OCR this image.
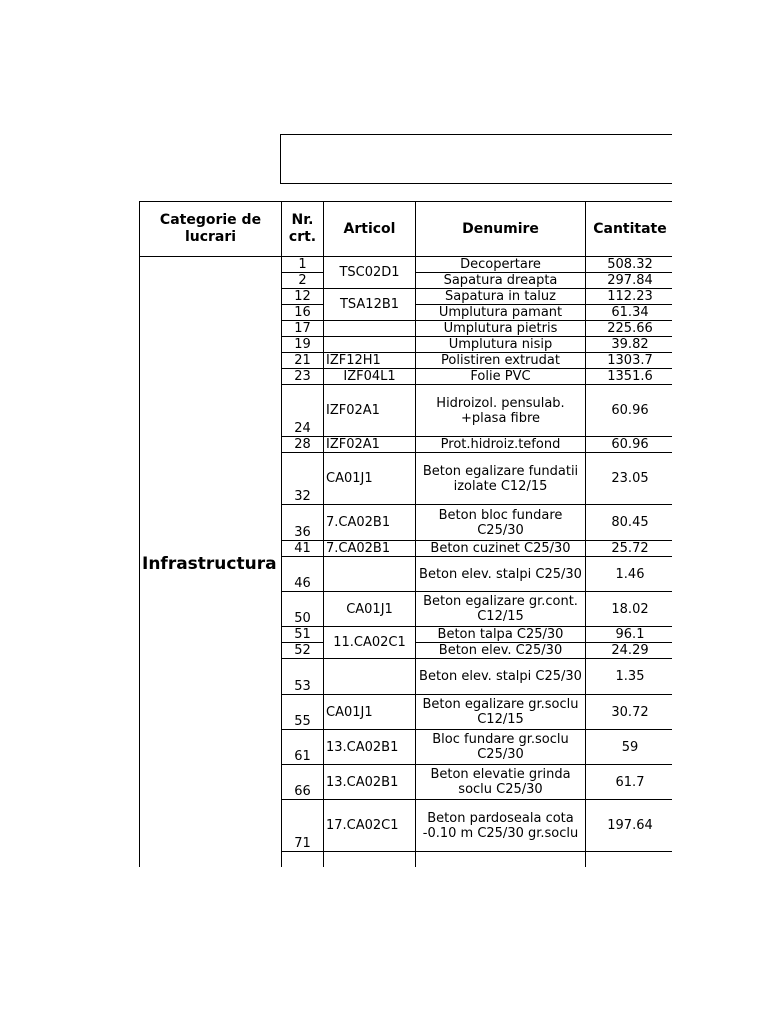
Categorie de lucrari	Nr. crt.	Articol	Denumire	Cantitate
Infrastructura	1	TSC02D1	Decopertare	508.32
	2		Sapatura dreapta	297.84
	12	TSA12B1	Sapatura in taluz	112.23
	16		Umplutura pamant	61.34
	17		Umplutura pietris	225.66
	19		Umplutura nisip	39.82
	21	IZF12H1	Polistiren extrudat	1303.7
	23	IZF04L1	Folie PVC	1351.6
	24	IZF02A1	Hidroizol. pensulab. +plasa fibre	60.96
	28	IZF02A1	Prot.hidroiz.tefond	60.96
	32	CA01J1	Beton egalizare fundatii izolate C12/15	23.05
	36	7.CA02B1	Beton bloc fundare C25/30	80.45
	41	7.CA02B1	Beton cuzinet C25/30	25.72
	46		Beton elev. stalpi C25/30	1.46
	50	CA01J1	Beton egalizare gr.cont. C12/15	18.02
	51	11.CA02C1	Beton talpa C25/30	96.1
	52		Beton elev. C25/30	24.29
	53		Beton elev. stalpi C25/30	1.35
	55	CA01J1	Beton egalizare gr.soclu C12/15	30.72
	61	13.CA02B1	Bloc fundare gr.soclu C25/30	59
	66	13.CA02B1	Beton elevatie grinda soclu C25/30	61.7
	71	17.CA02C1	Beton pardoseala cota -0.10 m C25/30 gr.soclu	197.64
